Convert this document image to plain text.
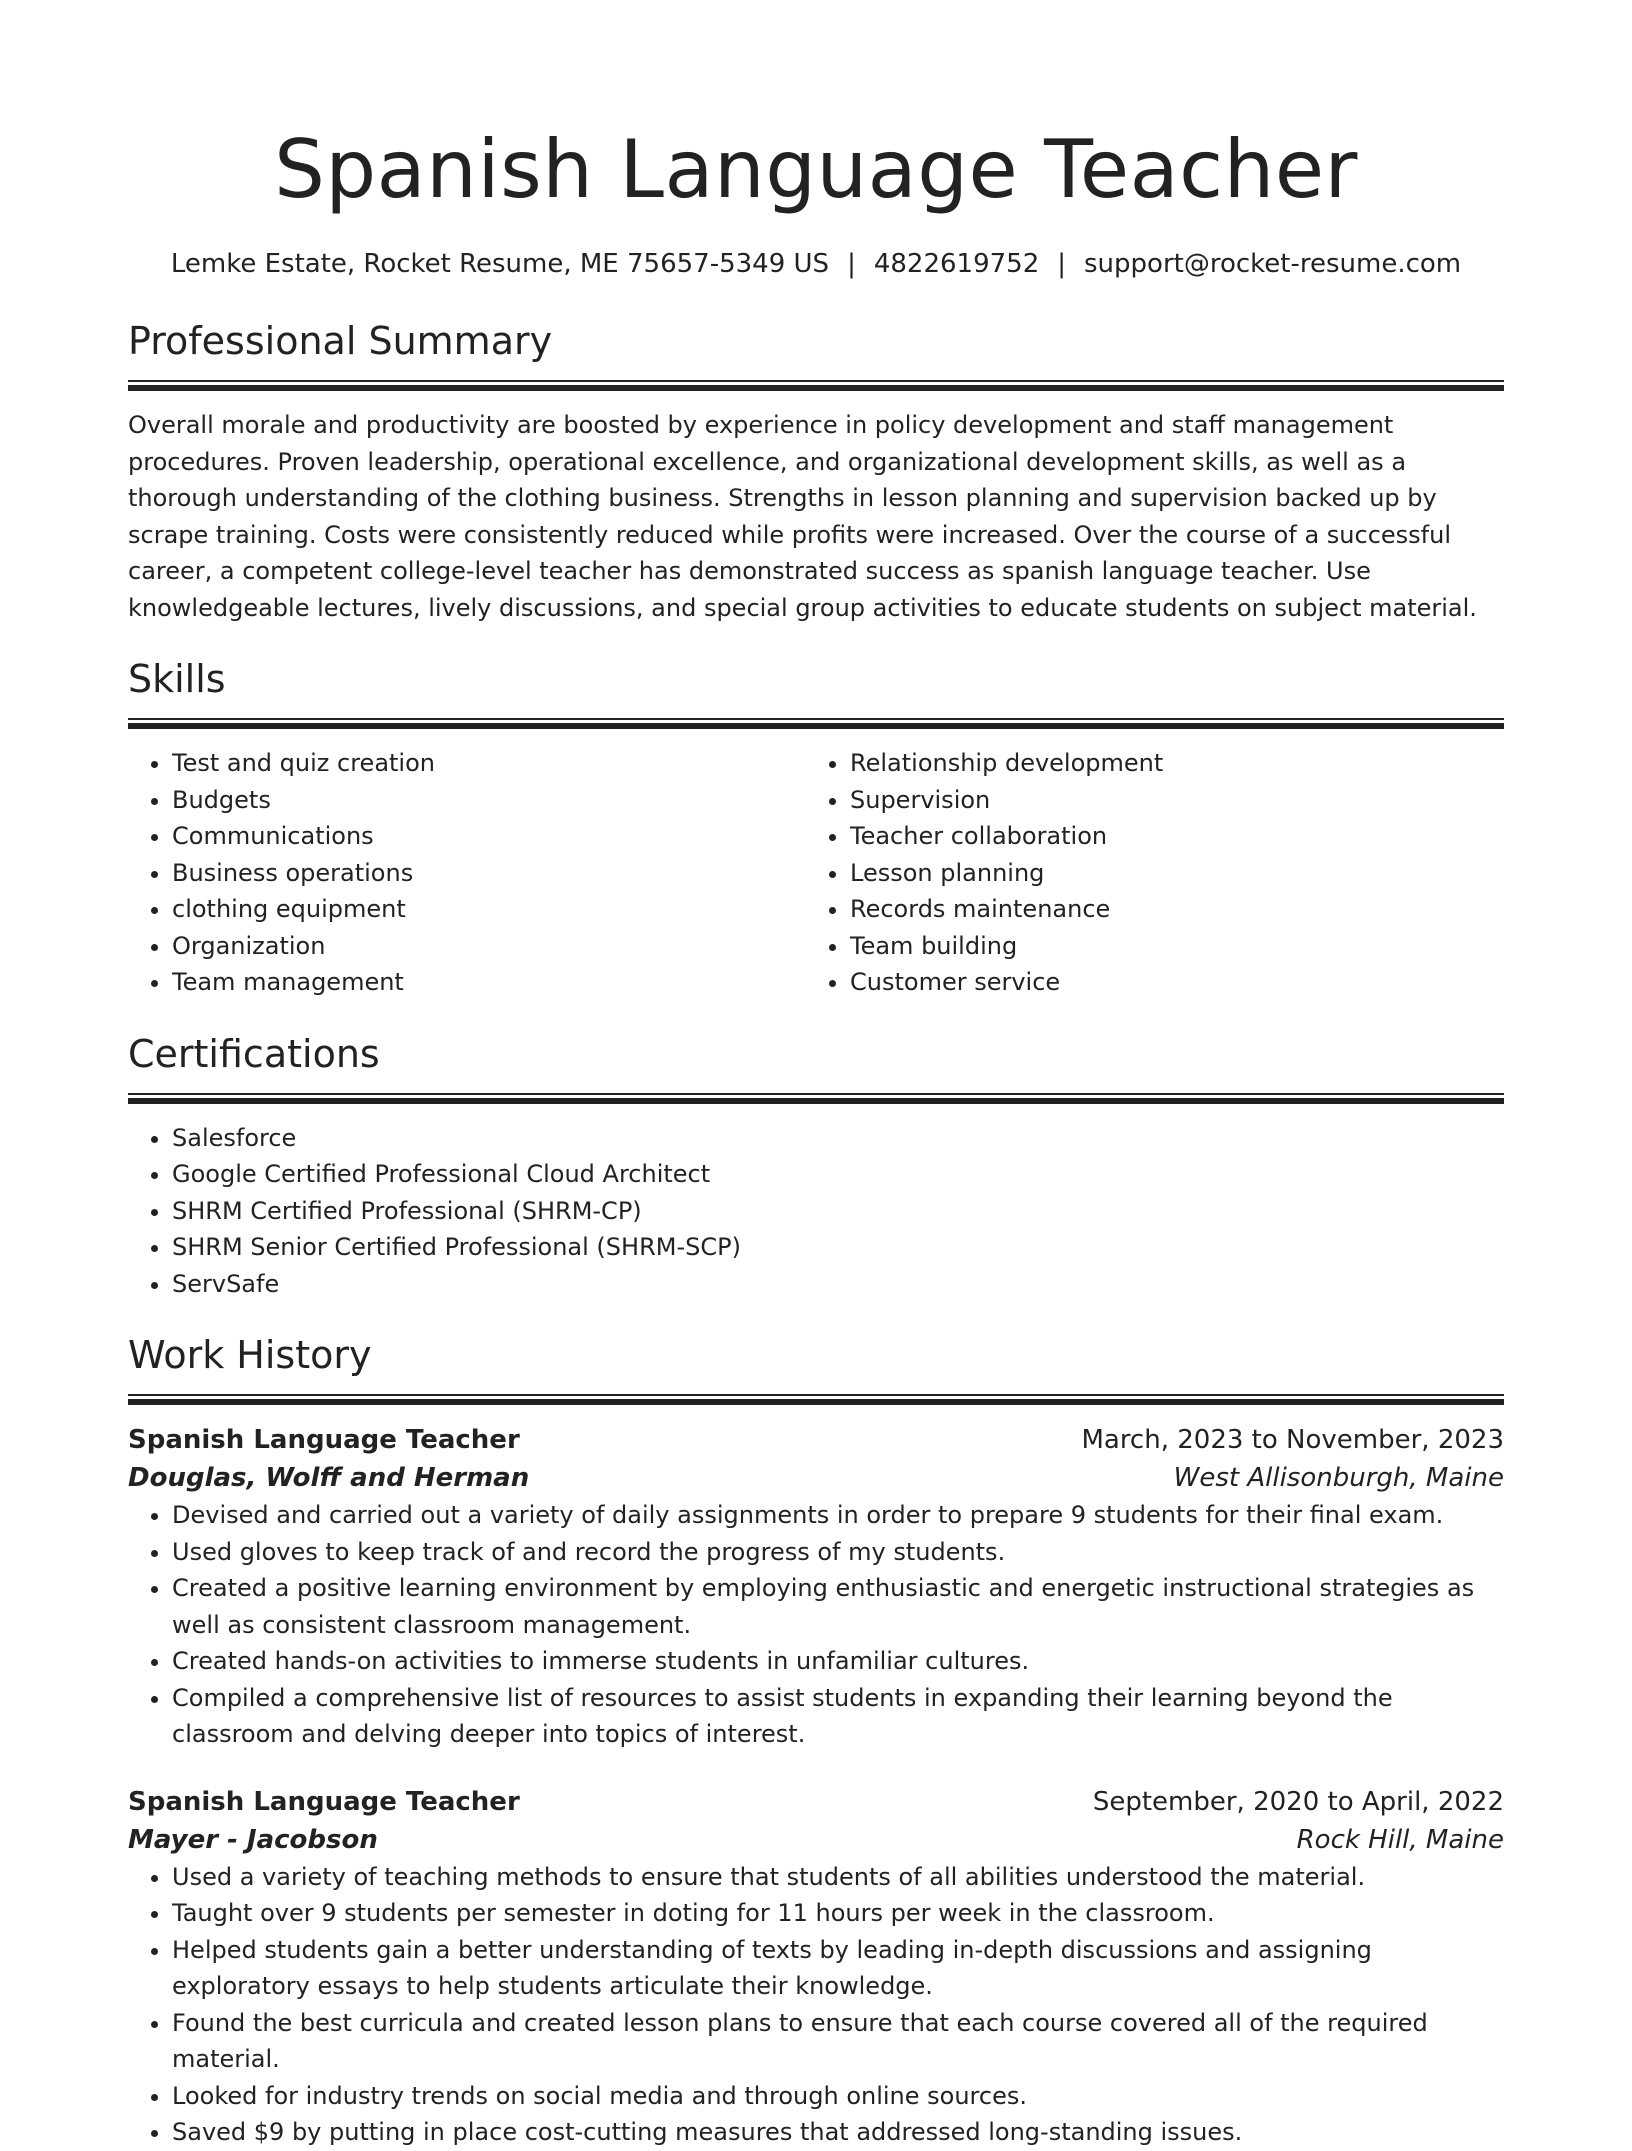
Spanish Language Teacher
Lemke Estate, Rocket Resume, ME 75657-5349 US | 4822619752 | support@rocket-resume.com
Professional Summary
Overall morale and productivity are boosted by experience in policy development and staff management procedures. Proven leadership, operational excellence, and organizational development skills, as well as a thorough understanding of the clothing business. Strengths in lesson planning and supervision backed up by scrape training. Costs were consistently reduced while profits were increased. Over the course of a successful career, a competent college-level teacher has demonstrated success as spanish language teacher. Use knowledgeable lectures, lively discussions, and special group activities to educate students on subject material.
Skills
• Test and quiz creation
• Budgets
• Communications
• Business operations
• clothing equipment
• Organization
• Team management
• Relationship development
• Supervision
• Teacher collaboration
• Lesson planning
• Records maintenance
• Team building
• Customer service
Certifications
• Salesforce
• Google Certified Professional Cloud Architect
• SHRM Certified Professional (SHRM-CP)
• SHRM Senior Certified Professional (SHRM-SCP)
• ServSafe
Work History
Spanish Language Teacher	March, 2023 to November, 2023
Douglas, Wolff and Herman	West Allisonburgh, Maine
• Devised and carried out a variety of daily assignments in order to prepare 9 students for their final exam.
• Used gloves to keep track of and record the progress of my students.
• Created a positive learning environment by employing enthusiastic and energetic instructional strategies as well as consistent classroom management.
• Created hands-on activities to immerse students in unfamiliar cultures.
• Compiled a comprehensive list of resources to assist students in expanding their learning beyond the classroom and delving deeper into topics of interest.
Spanish Language Teacher	September, 2020 to April, 2022
Mayer - Jacobson	Rock Hill, Maine
• Used a variety of teaching methods to ensure that students of all abilities understood the material.
• Taught over 9 students per semester in doting for 11 hours per week in the classroom.
• Helped students gain a better understanding of texts by leading in-depth discussions and assigning exploratory essays to help students articulate their knowledge.
• Found the best curricula and created lesson plans to ensure that each course covered all of the required material.
• Looked for industry trends on social media and through online sources.
• Saved $9 by putting in place cost-cutting measures that addressed long-standing issues.
